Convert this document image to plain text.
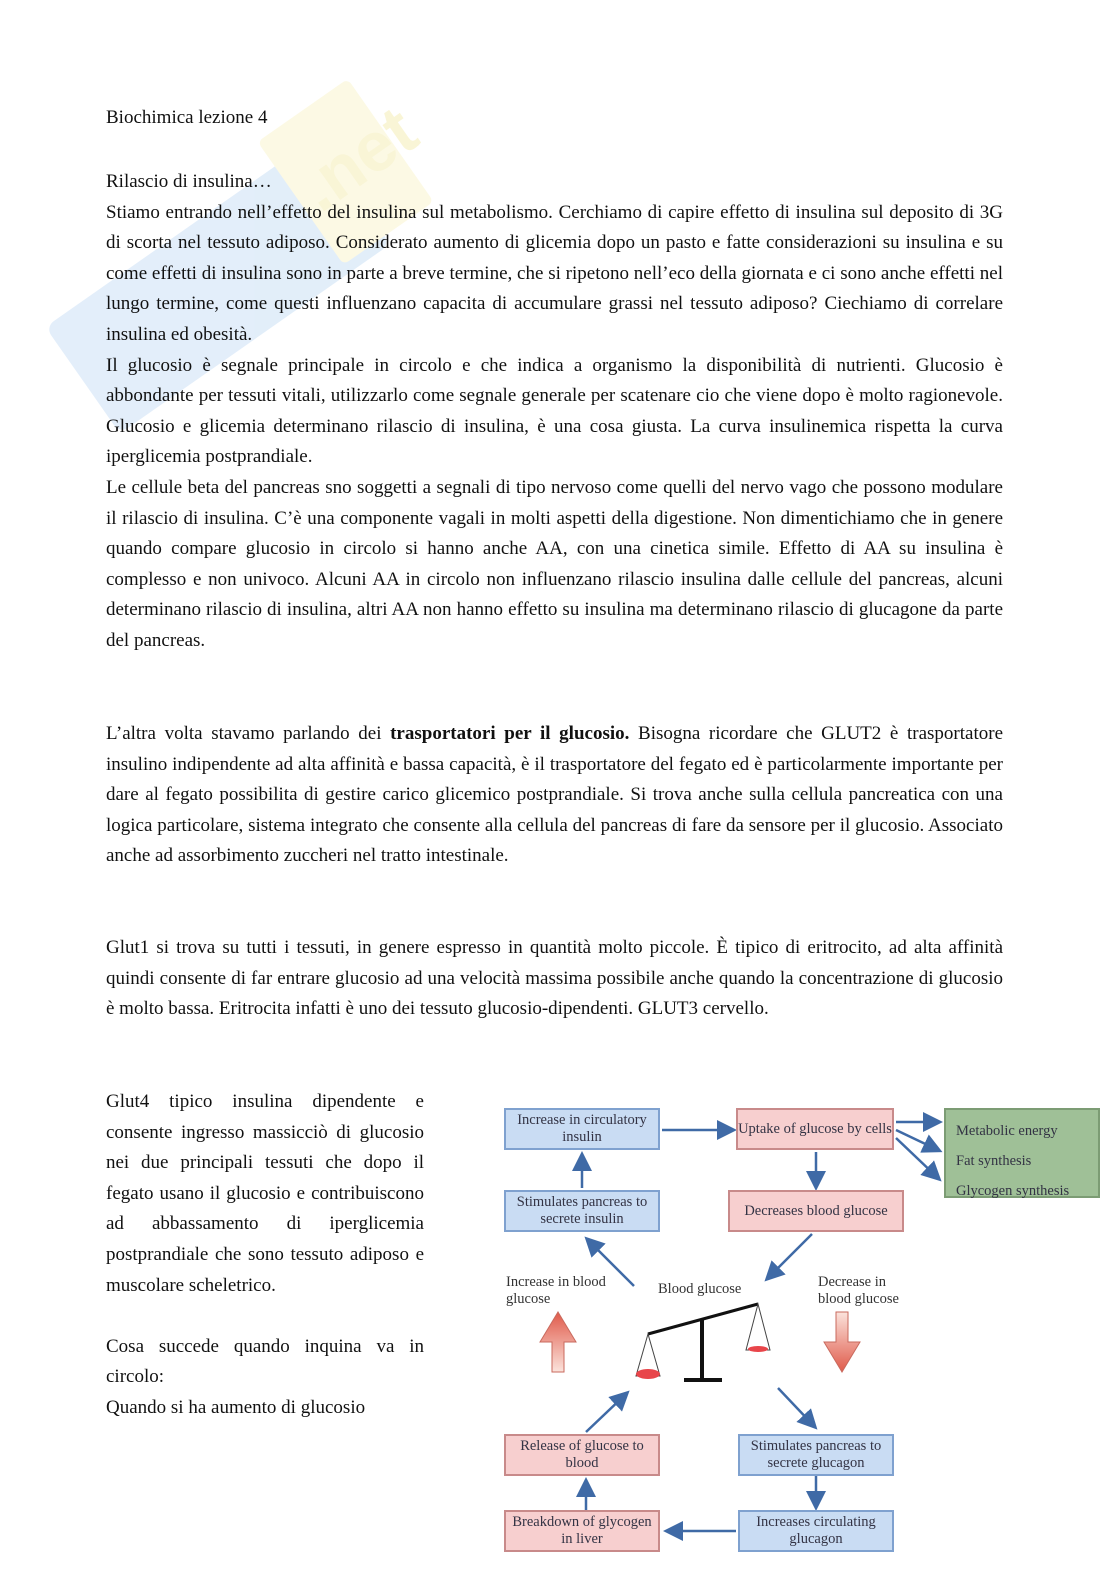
.net
Biochimica lezione 4

Rilascio di insulina…

Stiamo entrando nell’effetto del insulina sul metabolismo. Cerchiamo di capire effetto di insulina sul deposito di 3G di scorta nel tessuto adiposo. Considerato aumento di glicemia dopo un pasto e fatte considerazioni su insulina e su come effetti di insulina sono in parte a breve termine, che si ripetono nell’eco della giornata e ci sono anche effetti nel lungo termine, come questi influenzano capacita di accumulare grassi nel tessuto adiposo? Ciechiamo di correlare insulina ed obesità.

Il glucosio è segnale principale in circolo e che indica a organismo la disponibilità di nutrienti. Glucosio è abbondante per tessuti vitali, utilizzarlo come segnale generale per scatenare cio che viene dopo è molto ragionevole. Glucosio e glicemia determinano rilascio di insulina, è una cosa giusta. La curva insulinemica rispetta la curva iperglicemia postprandiale.

Le cellule beta del pancreas sno soggetti a segnali di tipo nervoso come quelli del nervo vago che possono modulare il rilascio di insulina. C’è una componente vagali in molti aspetti della digestione. Non dimentichiamo che in genere quando compare glucosio in circolo si hanno anche AA, con una cinetica simile. Effetto di AA su insulina è complesso e non univoco. Alcuni AA in circolo non influenzano rilascio insulina dalle cellule del pancreas, alcuni determinano rilascio di insulina, altri AA non hanno effetto su insulina ma determinano rilascio di glucagone da parte del pancreas.

L’altra volta stavamo parlando dei trasportatori per il glucosio. Bisogna ricordare che GLUT2 è trasportatore insulino indipendente ad alta affinità e bassa capacità, è il trasportatore del fegato ed è particolarmente importante per dare al fegato possibilita di gestire carico glicemico postprandiale. Si trova anche sulla cellula pancreatica con una logica particolare, sistema integrato che consente alla cellula del pancreas di fare da sensore per il glucosio. Associato anche ad assorbimento zuccheri nel tratto intestinale.

Glut1 si trova su tutti i tessuti, in genere espresso in quantità molto piccole. È tipico di eritrocito, ad alta affinità quindi consente di far entrare glucosio ad una velocità massima possibile anche quando la concentrazione di glucosio è molto bassa. Eritrocita infatti è uno dei tessuto glucosio-dipendenti. GLUT3 cervello.

Glut4 tipico insulina dipendente e consente ingresso massicciò di glucosio nei due principali tessuti che dopo il fegato usano il glucosio e contribuiscono ad abbassamento di iperglicemia postprandiale che sono tessuto adiposo e muscolare scheletrico.

Cosa succede quando inquina va in circolo:

Quando si ha aumento di glucosio

Increase in circulatory insulin
Uptake of glucose by cells	Metabolic energy
Fat synthesis
Glycogen synthesis
Stimulates pancreas to secrete insulin
Decreases blood glucose
Increase in blood glucose
Blood glucose	Decrease in blood glucose
Release of glucose to blood
Stimulates pancreas to secrete glucagon
Breakdown of glycogen in liver
Increases circulating glucagon
